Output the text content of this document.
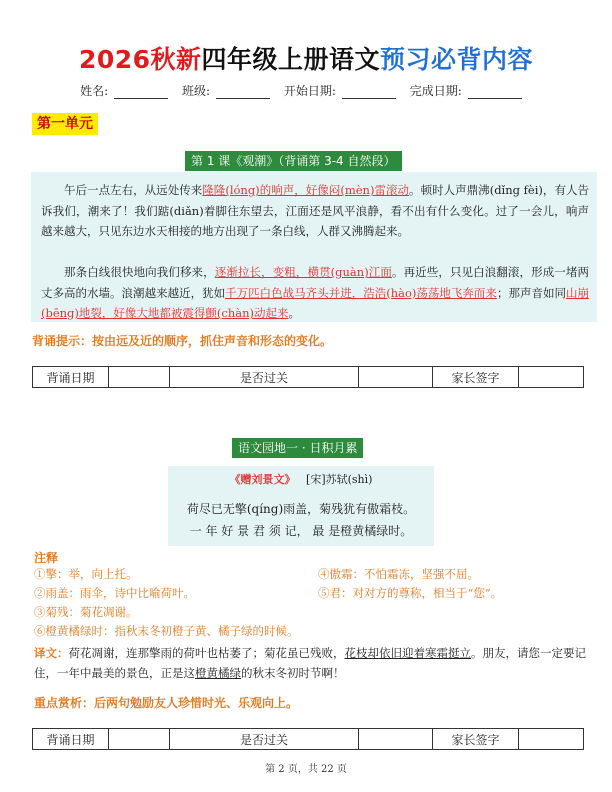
2026秋新四年级上册语文预习必背内容
姓名:	班级:	开始日期:	完成日期:
第一单元
第 1 课《观潮》（背诵第 3-4 自然段）
午后一点左右，从远处传来隆隆(lóng)的响声，好像闷(mèn)雷滚动。顿时人声鼎沸(dǐng fèi)，有人告诉我们，潮来了！我们踮(diǎn)着脚往东望去，江面还是风平浪静，看不出有什么变化。过了一会儿，响声越来越大，只见东边水天相接的地方出现了一条白线，人群又沸腾起来。
那条白线很快地向我们移来，逐渐拉长，变粗，横贯(guàn)江面。再近些，只见白浪翻滚，形成一堵两丈多高的水墙。浪潮越来越近，犹如千万匹白色战马齐头并进，浩浩(hào)荡荡地飞奔而来；那声音如同山崩(bēng)地裂，好像大地都被震得颤(chàn)动起来。
背诵提示：按由远及近的顺序，抓住声音和形态的变化。
背诵日期		是否过关		家长签字	
语文园地一 · 日积月累
《赠刘景文》 [宋]苏轼(shì)
荷尽已无擎(qíng)雨盖，菊残犹有傲霜枝。
一 年 好 景 君 须 记， 最 是橙黄橘绿时。
注释
①擎：举，向上托。
②雨盖：雨伞，诗中比喻荷叶。
③菊残：菊花凋谢。
④傲霜：不怕霜冻，坚强不屈。
⑤君：对对方的尊称，相当于“您”。
⑥橙黄橘绿时：指秋末冬初橙子黄、橘子绿的时候。
译文：荷花凋谢，连那擎雨的荷叶也枯萎了；菊花虽已残败，花枝却依旧迎着寒霜挺立。朋友，请您一定要记住，一年中最美的景色，正是这橙黄橘绿的秋末冬初时节啊！
重点赏析：后两句勉励友人珍惜时光、乐观向上。
背诵日期		是否过关		家长签字	
第 2 页，共 22 页
